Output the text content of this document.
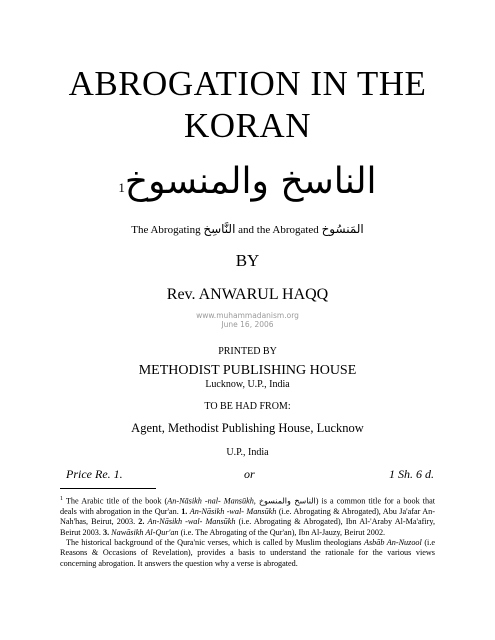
ABROGATION IN THE
KORAN
الناسخ والمنسوخ$^1$
The Abrogating النَّاسِخ and the Abrogated المَنسُوخ
BY
Rev. ANWARUL HAQQ
www.muhammadanism.org
June 16, 2006
PRINTED BY
METHODIST PUBLISHING HOUSE
Lucknow, U.P., India
TO BE HAD FROM:
Agent, Methodist Publishing House, Lucknow
U.P., India
Price Re. 1.	or	1 Sh. 6 d.

$^1$ The Arabic title of the book (An-Nāsikh -nal- Mansūkh, الناسخ والمنسوخ) is a common title for a book that deals with abrogation in the Qur'an. 1. An-Nāsikh -wal- Mansūkh (i.e. Abrogating & Abrogated), Abu Ja'afar An-Nah'has, Beirut, 2003. 2. An-Nāsikh -wal- Mansūkh (i.e. Abrogating & Abrogated), Ibn Al-'Araby Al-Ma'afiry, Beirut 2003. 3. Nawāsikh Al-Qur'an (i.e. The Abrogating of the Qur'an), Ibn Al-Jauzy, Beirut 2002.

The historical background of the Qura'nic verses, which is called by Muslim theologians Asbāb An-Nuzool (i.e Reasons & Occasions of Revelation), provides a basis to understand the rationale for the various views concerning abrogation. It answers the question why a verse is abrogated.
